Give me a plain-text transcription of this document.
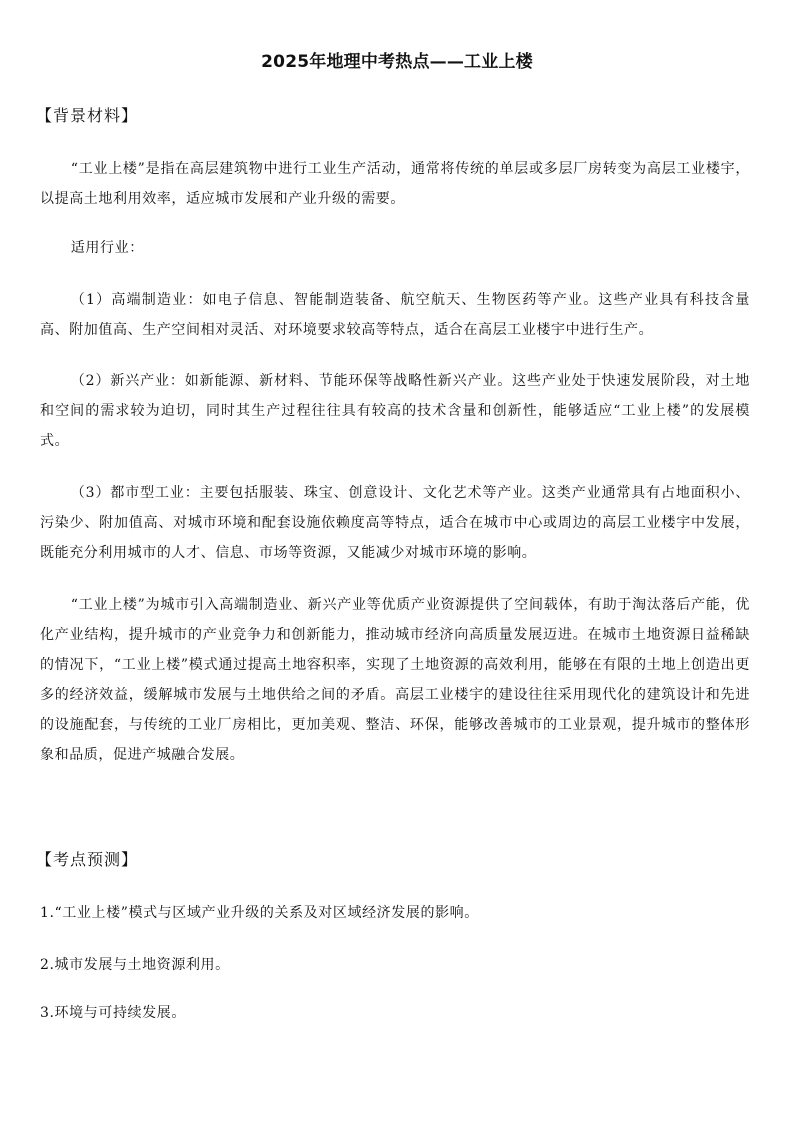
2025年地理中考热点——工业上楼
【背景材料】

“工业上楼”是指在高层建筑物中进行工业生产活动，通常将传统的单层或多层厂房转变为高层工业楼宇，以提高土地利用效率，适应城市发展和产业升级的需要。

适用行业：

（1）高端制造业：如电子信息、智能制造装备、航空航天、生物医药等产业。这些产业具有科技含量高、附加值高、生产空间相对灵活、对环境要求较高等特点，适合在高层工业楼宇中进行生产。

（2）新兴产业：如新能源、新材料、节能环保等战略性新兴产业。这些产业处于快速发展阶段，对土地和空间的需求较为迫切，同时其生产过程往往具有较高的技术含量和创新性，能够适应“工业上楼”的发展模式。

（3）都市型工业：主要包括服装、珠宝、创意设计、文化艺术等产业。这类产业通常具有占地面积小、污染少、附加值高、对城市环境和配套设施依赖度高等特点，适合在城市中心或周边的高层工业楼宇中发展，既能充分利用城市的人才、信息、市场等资源，又能减少对城市环境的影响。

“工业上楼”为城市引入高端制造业、新兴产业等优质产业资源提供了空间载体，有助于淘汰落后产能，优化产业结构，提升城市的产业竞争力和创新能力，推动城市经济向高质量发展迈进。在城市土地资源日益稀缺的情况下，“工业上楼”模式通过提高土地容积率，实现了土地资源的高效利用，能够在有限的土地上创造出更多的经济效益，缓解城市发展与土地供给之间的矛盾。高层工业楼宇的建设往往采用现代化的建筑设计和先进的设施配套，与传统的工业厂房相比，更加美观、整洁、环保，能够改善城市的工业景观，提升城市的整体形象和品质，促进产城融合发展。

【考点预测】

1.“工业上楼”模式与区域产业升级的关系及对区域经济发展的影响。

2.城市发展与土地资源利用。

3.环境与可持续发展。
